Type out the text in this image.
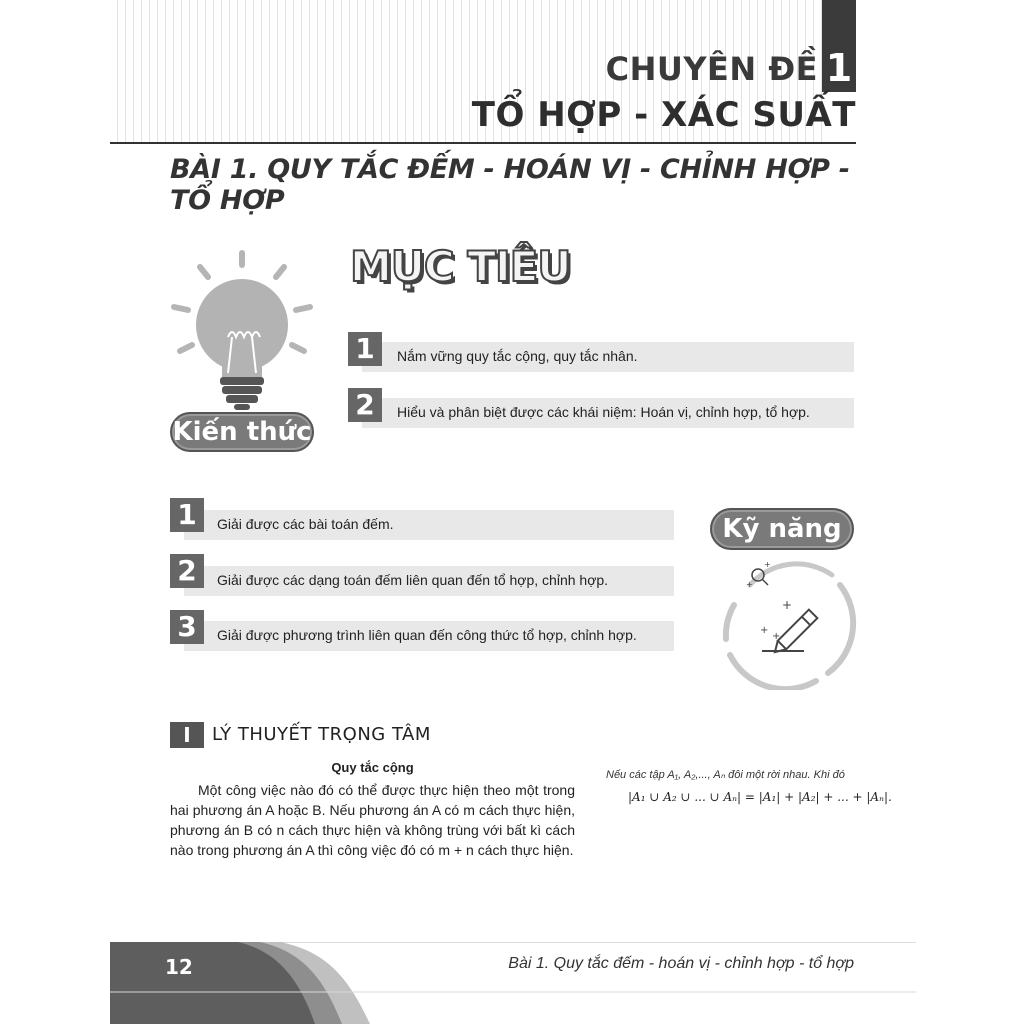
1
CHUYÊN ĐỀ
TỔ HỢP - XÁC SUẤT
BÀI 1. QUY TẮC ĐẾM - HOÁN VỊ - CHỈNH HỢP - TỔ HỢP
MỤC TIÊU
Kiến thức
1	Nắm vững quy tắc cộng, quy tắc nhân.
2	Hiểu và phân biệt được các khái niệm: Hoán vị, chỉnh hợp, tổ hợp.
1	Giải được các bài toán đếm.
2	Giải được các dạng toán đếm liên quan đến tổ hợp, chỉnh hợp.
3	Giải được phương trình liên quan đến công thức tổ hợp, chỉnh hợp.
Kỹ năng
+
+
+
+
+
I	LÝ THUYẾT TRỌNG TÂM
Quy tắc cộng
Một công việc nào đó có thể được thực hiện theo một trong hai phương án A hoặc B. Nếu phương án A có m cách thực hiện, phương án B có n cách thực hiện và không trùng với bất kì cách nào trong phương án A thì công việc đó có m + n cách thực hiện.
Nếu các tập A₁, A₂,..., Aₙ đôi một rời nhau. Khi đó
|A₁ ∪ A₂ ∪ ... ∪ Aₙ| = |A₁| + |A₂| + ... + |Aₙ|.
12	Bài 1. Quy tắc đếm - hoán vị - chỉnh hợp - tổ hợp
